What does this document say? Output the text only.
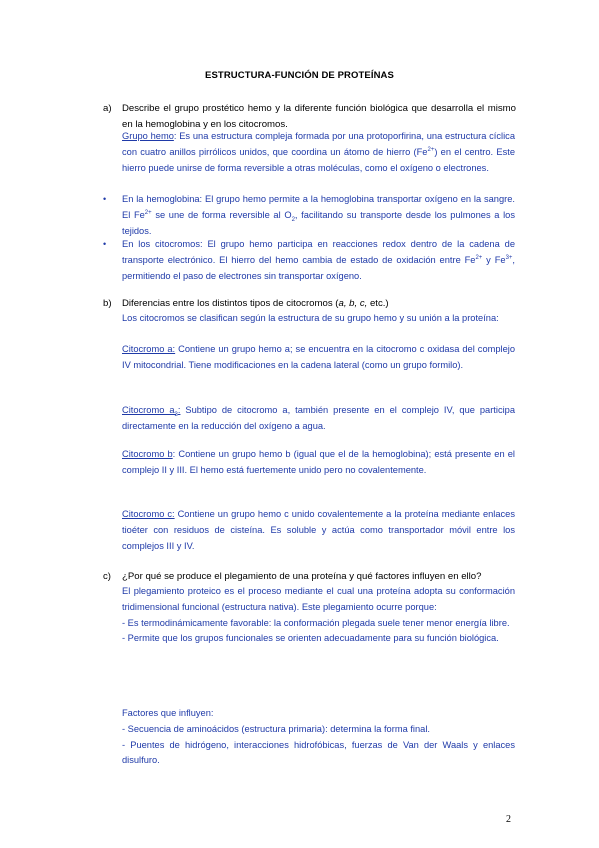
ESTRUCTURA-FUNCIÓN DE PROTEÍNAS
a) Describe el grupo prostético hemo y la diferente función biológica que desarrolla el mismo en la hemoglobina y en los citocromos.

Grupo hemo: Es una estructura compleja formada por una protoporfirina, una estructura cíclica con cuatro anillos pirrólicos unidos, que coordina un átomo de hierro $(Fe^{2+})$ en el centro. Este hierro puede unirse de forma reversible a otras moléculas, como el oxígeno o electrones.

• En la hemoglobina: El grupo hemo permite a la hemoglobina transportar oxígeno en la sangre. El $Fe^{2+}$ se une de forma reversible al $O_2$, facilitando su transporte desde los pulmones a los tejidos.

• En los citocromos: El grupo hemo participa en reacciones redox dentro de la cadena de transporte electrónico. El hierro del hemo cambia de estado de oxidación entre $Fe^{2+}$ y $Fe^{3+}$, permitiendo el paso de electrones sin transportar oxígeno.

b) Diferencias entre los distintos tipos de citocromos (a, b, c, etc.)
Los citocromos se clasifican según la estructura de su grupo hemo y su unión a la proteína:

Citocromo a: Contiene un grupo hemo a; se encuentra en la citocromo c oxidasa del complejo IV mitocondrial. Tiene modificaciones en la cadena lateral (como un grupo formilo).

Citocromo $a_3$: Subtipo de citocromo a, también presente en el complejo IV, que participa directamente en la reducción del oxígeno a agua.

Citocromo b: Contiene un grupo hemo b (igual que el de la hemoglobina); está presente en el complejo II y III. El hemo está fuertemente unido pero no covalentemente.

Citocromo c: Contiene un grupo hemo c unido covalentemente a la proteína mediante enlaces tioéter con residuos de cisteína. Es soluble y actúa como transportador móvil entre los complejos III y IV.

c) ¿Por qué se produce el plegamiento de una proteína y qué factores influyen en ello?

El plegamiento proteico es el proceso mediante el cual una proteína adopta su conformación tridimensional funcional (estructura nativa). Este plegamiento ocurre porque:

- Es termodinámicamente favorable: la conformación plegada suele tener menor energía libre.

- Permite que los grupos funcionales se orienten adecuadamente para su función biológica.

Factores que influyen:

- Secuencia de aminoácidos (estructura primaria): determina la forma final.

- Puentes de hidrógeno, interacciones hidrofóbicas, fuerzas de Van der Waals y enlaces disulfuro.

2
